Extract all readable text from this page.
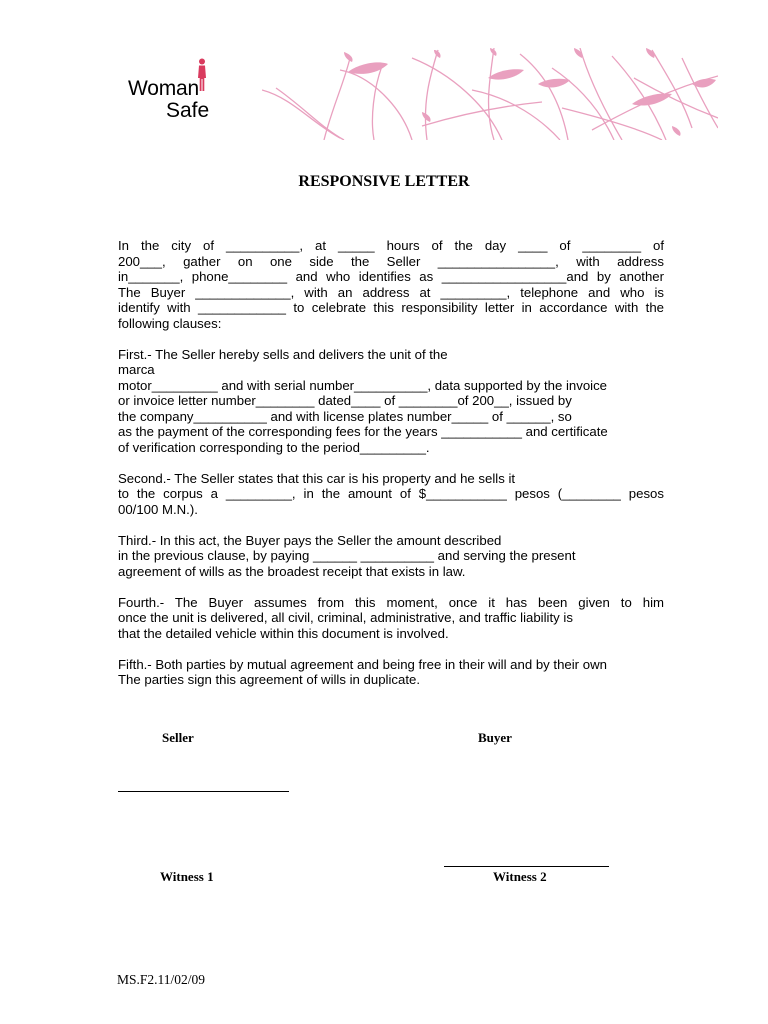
Woman
Safe
RESPONSIVE LETTER
In the city of __________, at _____ hours of the day ____ of ________ of
200___, gather on one side the Seller ________________, with address
in_______, phone________ and who identifies as _________________and by another
The Buyer _____________, with an address at _________, telephone and who is
identify with ____________ to celebrate this responsibility letter in accordance with the
following clauses:
First.- The Seller hereby sells and delivers the unit of the
marca
motor_________ and with serial number__________, data supported by the invoice
or invoice letter number________ dated____ of ________of 200__, issued by
the company__________ and with license plates number_____ of ______, so
as the payment of the corresponding fees for the years ___________ and certificate
of verification corresponding to the period_________.
Second.- The Seller states that this car is his property and he sells it
to the corpus a _________, in the amount of $___________ pesos (________ pesos
00/100 M.N.).
Third.- In this act, the Buyer pays the Seller the amount described
in the previous clause, by paying ______ __________ and serving the present
agreement of wills as the broadest receipt that exists in law.
Fourth.- The Buyer assumes from this moment, once it has been given to him
once the unit is delivered, all civil, criminal, administrative, and traffic liability is
that the detailed vehicle within this document is involved.
Fifth.- Both parties by mutual agreement and being free in their will and by their own
The parties sign this agreement of wills in duplicate.
Seller	Buyer
Witness 1	Witness 2
MS.F2.11/02/09
